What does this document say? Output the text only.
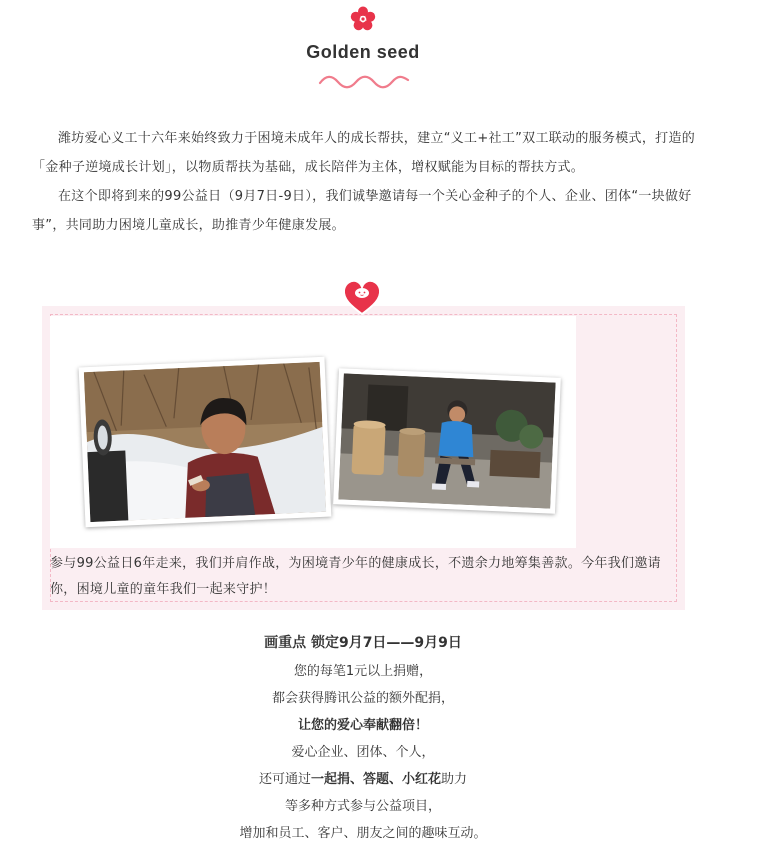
Golden seed

潍坊爱心义工十六年来始终致力于困境未成年人的成长帮扶，建立“义工+社工”双工联动的服务模式，打造的「金种子逆境成长计划」，以物质帮扶为基础，成长陪伴为主体，增权赋能为目标的帮扶方式。

在这个即将到来的99公益日（9月7日-9日），我们诚挚邀请每一个关心金种子的个人、企业、团体“一块做好事”，共同助力困境儿童成长，助推青少年健康发展。

参与99公益日6年走来，我们并肩作战，为困境青少年的健康成长，不遗余力地筹集善款。今年我们邀请你，困境儿童的童年我们一起来守护！

画重点 锁定9月7日——9月9日

您的每笔1元以上捐赠，

都会获得腾讯公益的额外配捐，

让您的爱心奉献翻倍！

爱心企业、团体、个人，

还可通过一起捐、答题、小红花助力

等多种方式参与公益项目，

增加和员工、客户、朋友之间的趣味互动。
